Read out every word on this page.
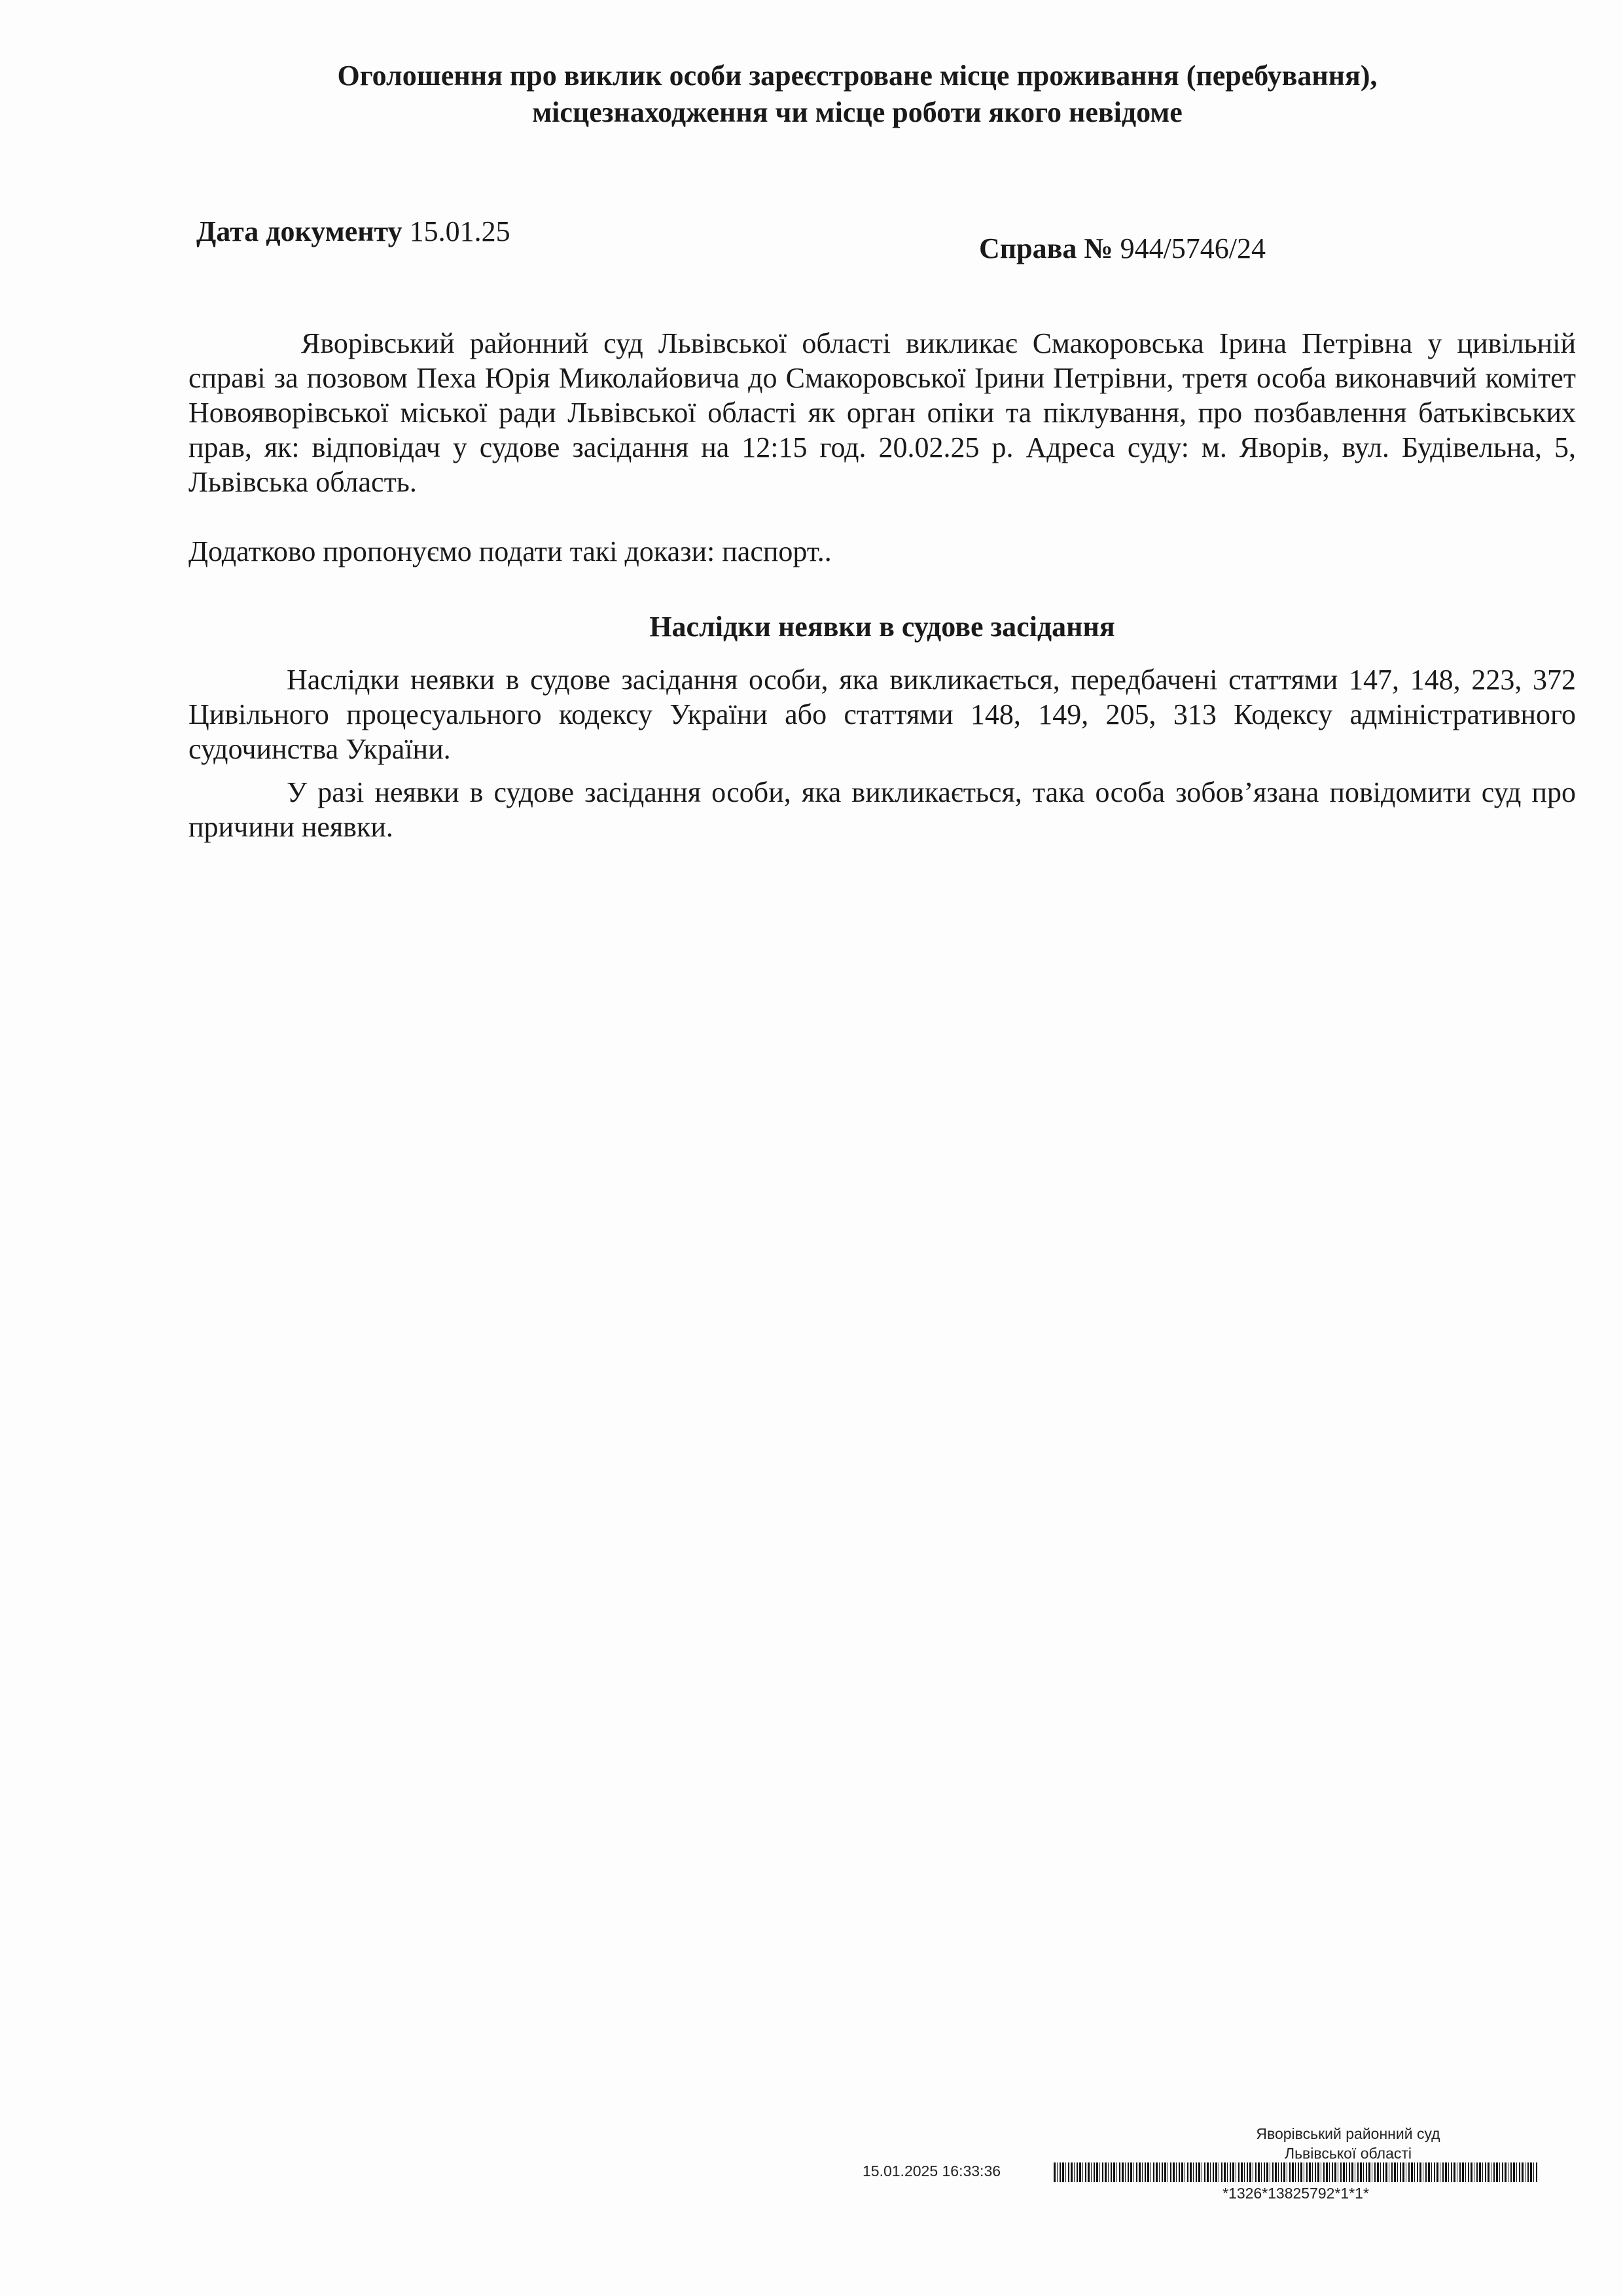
Оголошення про виклик особи зареєстроване місце проживання (перебування),
місцезнаходження чи місце роботи якого невідоме
Дата документу 15.01.25
Справа № 944/5746/24
Яворівський районний суд Львівської області викликає Смакоровська Ірина Петрівна у цивільній справі за позовом Пеха Юрія Миколайовича до Смакоровської Ірини Петрівни, третя особа виконавчий комітет Новояворівської міської ради Львівської області як орган опіки та піклування, про позбавлення батьківських прав, як: відповідач у судове засідання на 12:15 год. 20.02.25 р. Адреса суду: м. Яворів, вул. Будівельна, 5, Львівська область.
Додатково пропонуємо подати такі докази: паспорт..
Наслідки неявки в судове засідання
Наслідки неявки в судове засідання особи, яка викликається, передбачені статтями 147, 148, 223, 372 Цивільного процесуального кодексу України або статтями 148, 149, 205, 313 Кодексу адміністративного судочинства України.
У разі неявки в судове засідання особи, яка викликається, така особа зобов’язана повідомити суд про причини неявки.
Яворівський районний суд
Львівської області
15.01.2025 16:33:36
*1326*13825792*1*1*
